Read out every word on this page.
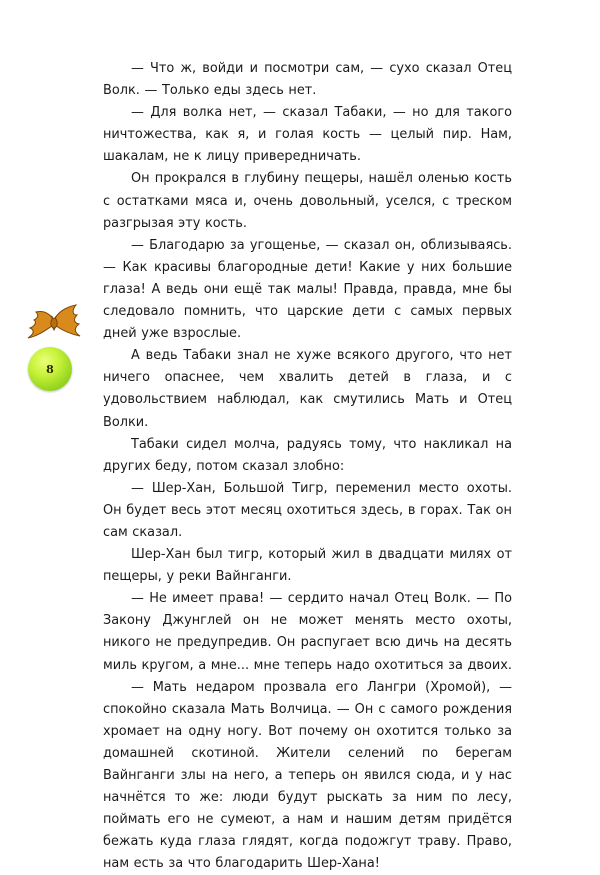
— Что ж, войди и посмотри сам, — сухо сказал Отец Волк. — Только еды здесь нет.

— Для волка нет, — сказал Табаки, — но для такого ничтожества, как я, и голая кость — целый пир. Нам, шакалам, не к лицу привередничать.

Он прокрался в глубину пещеры, нашёл оленью кость с остатками мяса и, очень довольный, уселся, с треском разгрызая эту кость.

— Благодарю за угощенье, — сказал он, облизываясь. — Как красивы благородные дети! Какие у них большие глаза! А ведь они ещё так малы! Правда, правда, мне бы следовало помнить, что царские дети с самых первых дней уже взрослые.

А ведь Табаки знал не хуже всякого другого, что нет ничего опаснее, чем хвалить детей в глаза, и с удовольствием наблюдал, как смутились Мать и Отец Волки.

Табаки сидел молча, радуясь тому, что накликал на других беду, потом сказал злобно:

— Шер-Хан, Большой Тигр, переменил место охоты. Он будет весь этот месяц охотиться здесь, в горах. Так он сам сказал.

Шер-Хан был тигр, который жил в двадцати милях от пещеры, у реки Вайнганги.

— Не имеет права! — сердито начал Отец Волк. — По Закону Джунглей он не может менять место охоты, никого не предупредив. Он распугает всю дичь на десять миль кругом, а мне... мне теперь надо охотиться за двоих.

— Мать недаром прозвала его Лангри (Хромой), — спокойно сказала Мать Волчица. — Он с самого рождения хромает на одну ногу. Вот почему он охотится только за домашней скотиной. Жители селений по берегам Вайнганги злы на него, а теперь он явился сюда, и у нас начнётся то же: люди будут рыскать за ним по лесу, поймать его не сумеют, а нам и нашим детям придётся бежать куда глаза глядят, когда подожгут траву. Право, нам есть за что благодарить Шер-Хана!

8
